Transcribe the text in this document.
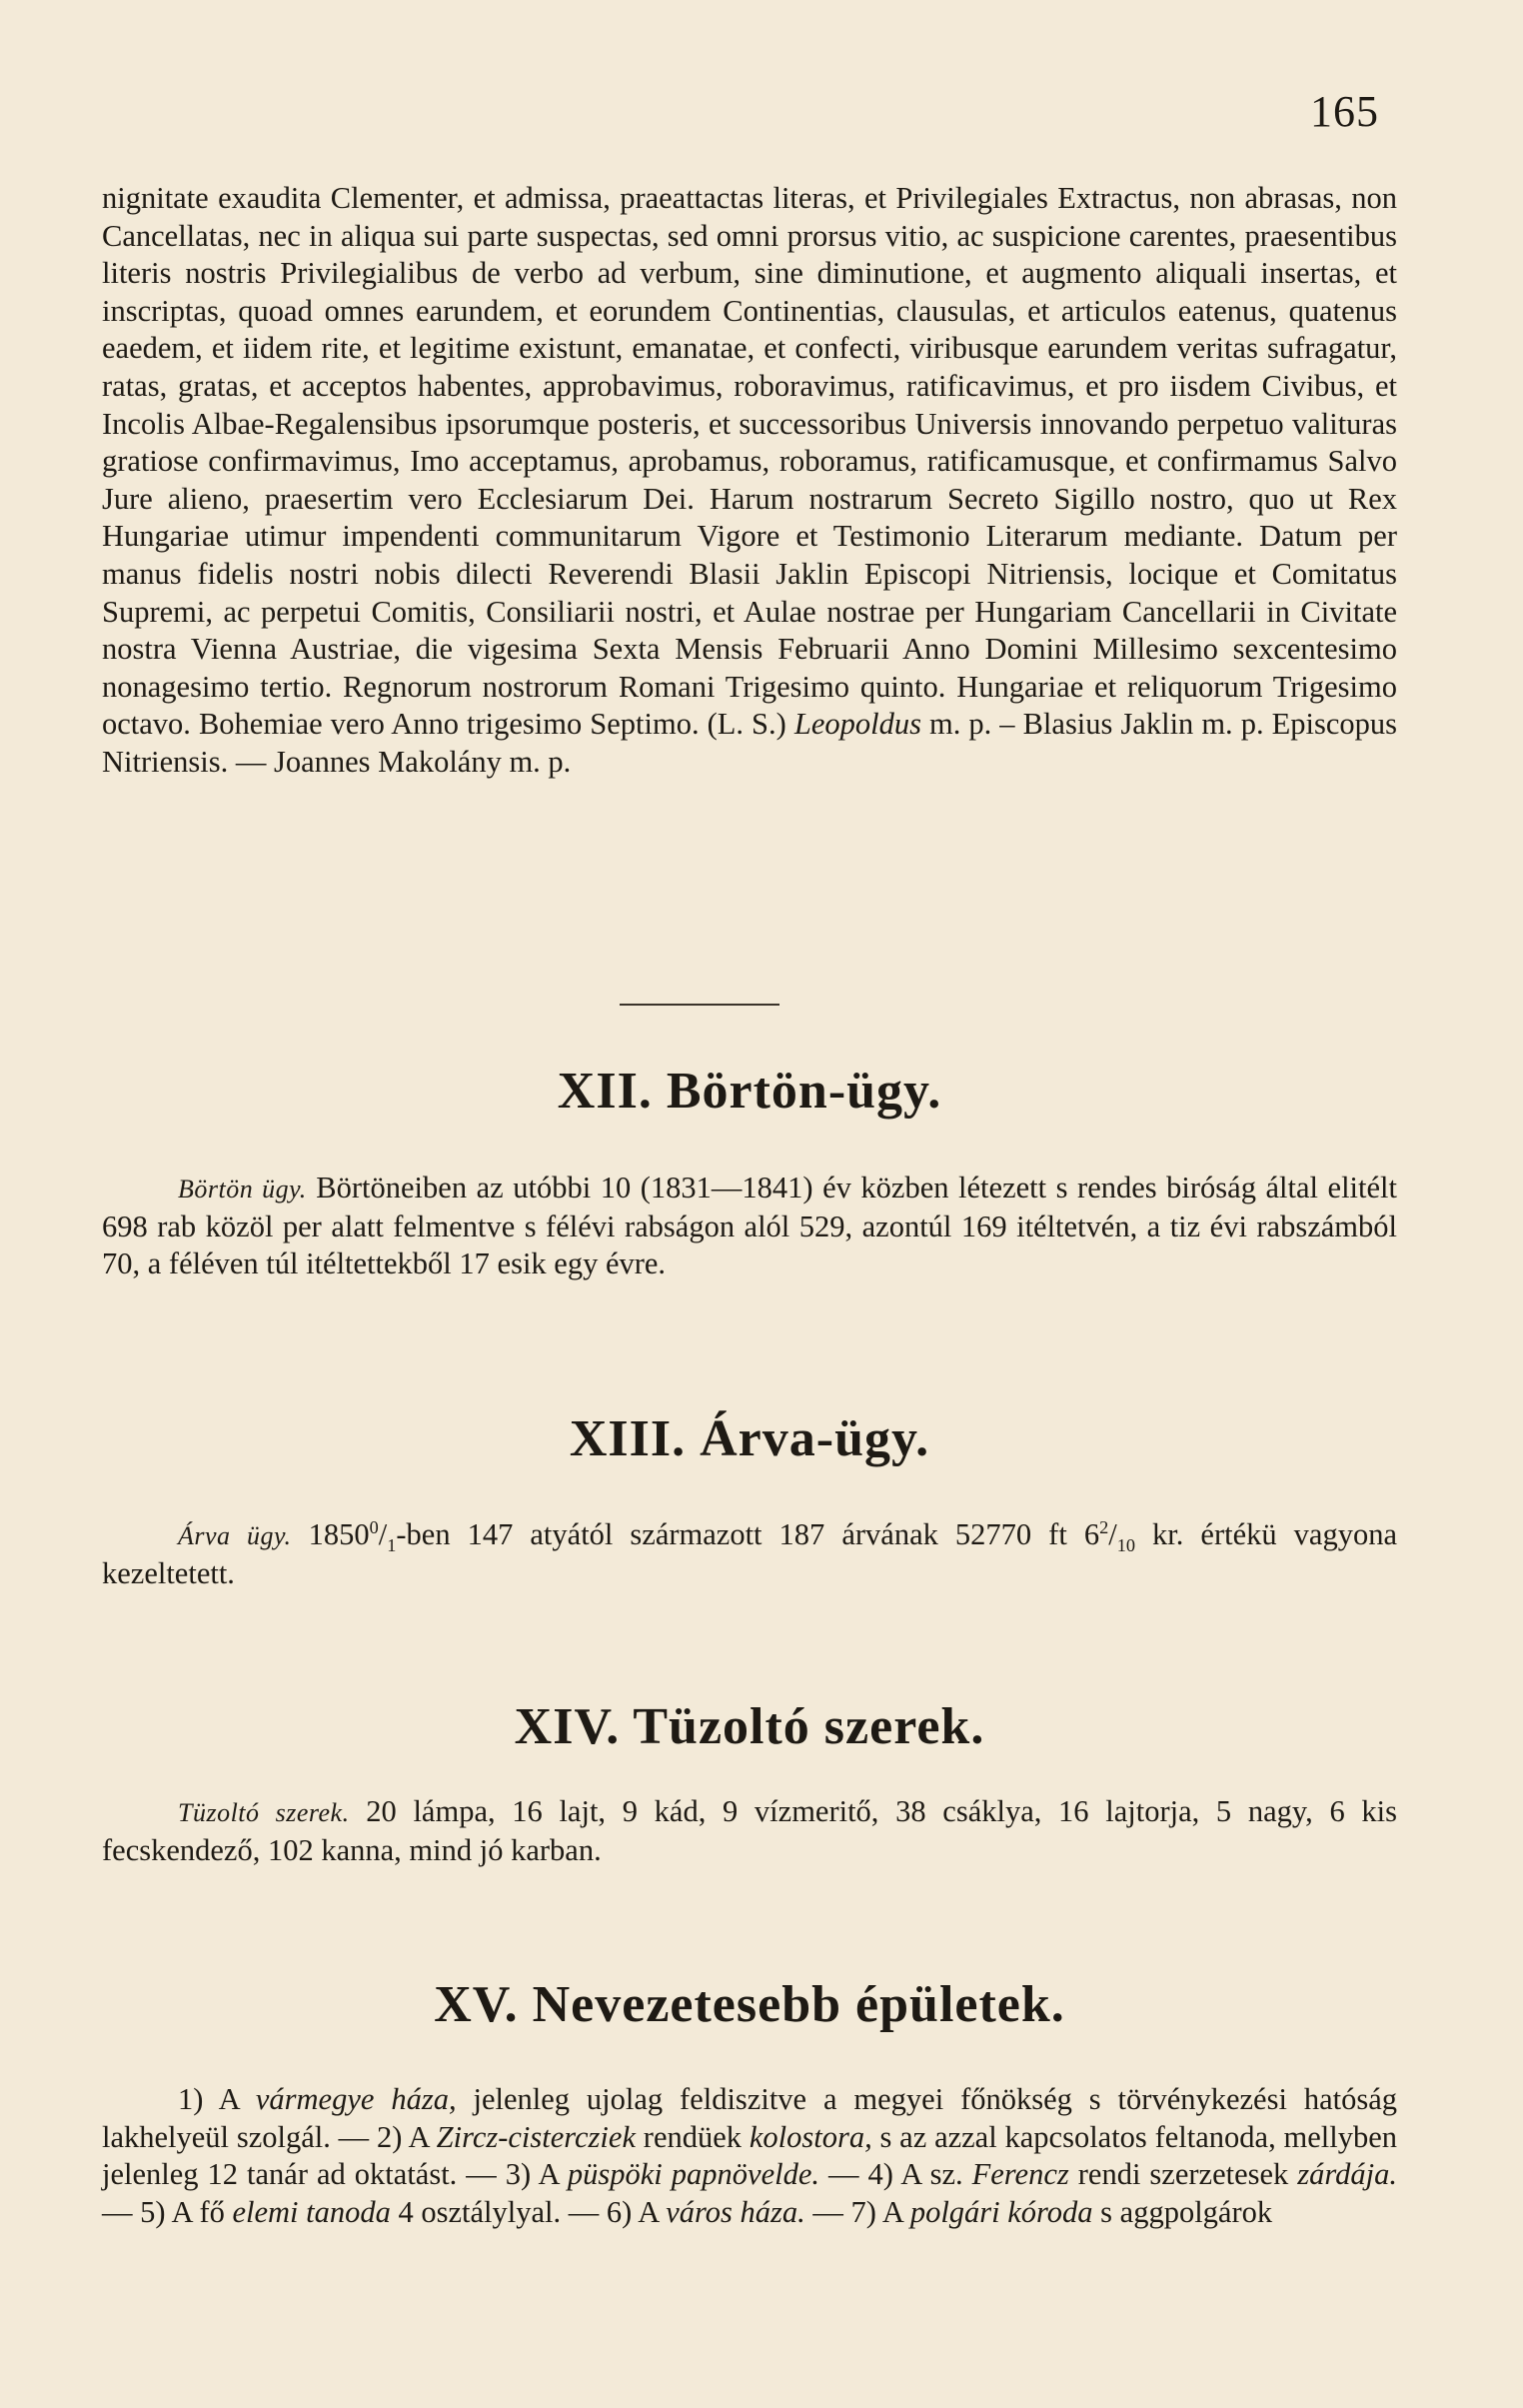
165

nignitate exaudita Clementer, et admissa, praeattactas literas, et Privilegiales Extractus, non abrasas, non Cancellatas, nec in aliqua sui parte suspectas, sed omni prorsus vitio, ac suspicione carentes, praesentibus literis nostris Privilegialibus de verbo ad verbum, sine diminutione, et augmento aliquali insertas, et inscriptas, quoad omnes earundem, et eorundem Continentias, clausulas, et articulos eatenus, quatenus eaedem, et iidem rite, et legitime existunt, emanatae, et confecti, viribusque earundem veritas sufragatur, ratas, gratas, et acceptos habentes, approbavimus, roboravimus, ratificavimus, et pro iisdem Civibus, et Incolis Albae-Regalensibus ipsorumque posteris, et successoribus Universis innovando perpetuo valituras gratiose confirmavimus, Imo acceptamus, aprobamus, roboramus, ratificamusque, et confirmamus Salvo Jure alieno, praesertim vero Ecclesiarum Dei. Harum nostrarum Secreto Sigillo nostro, quo ut Rex Hungariae utimur impendenti communitarum Vigore et Testimonio Literarum mediante. Datum per manus fidelis nostri nobis dilecti Reverendi Blasii Jaklin Episcopi Nitriensis, locique et Comitatus Supremi, ac perpetui Comitis, Consiliarii nostri, et Aulae nostrae per Hungariam Cancellarii in Civitate nostra Vienna Austriae, die vigesima Sexta Mensis Februarii Anno Domini Millesimo sexcentesimo nonagesimo tertio. Regnorum nostrorum Romani Trigesimo quinto. Hungariae et reliquorum Trigesimo octavo. Bohemiae vero Anno trigesimo Septimo. (L. S.) Leopoldus m. p. – Blasius Jaklin m. p. Episcopus Nitriensis. — Joannes Makolány m. p.

XII. Börtön-ügy.

Börtön ügy. Börtöneiben az utóbbi 10 (1831—1841) év közben létezett s rendes biróság által elitélt 698 rab közöl per alatt felmentve s félévi rabságon alól 529, azontúl 169 itéltetvén, a tiz évi rabszámból 70, a féléven túl itéltettekből 17 esik egy évre.

XIII. Árva-ügy.

Árva ügy. $1850^0/_1$-ben 147 atyától származott 187 árvának 52770 ft $6^2/_{10}$ kr. értékü vagyona kezeltetett.

XIV. Tüzoltó szerek.

Tüzoltó szerek. 20 lámpa, 16 lajt, 9 kád, 9 vízmeritő, 38 csáklya, 16 lajtorja, 5 nagy, 6 kis fecskendező, 102 kanna, mind jó karban.

XV. Nevezetesebb épületek.

1) A vármegye háza, jelenleg ujolag feldiszitve a megyei főnökség s törvénykezési hatóság lakhelyeül szolgál. — 2) A Zircz-cistercziek rendüek kolostora, s az azzal kapcsolatos feltanoda, mellyben jelenleg 12 tanár ad oktatást. — 3) A püspöki papnövelde. — 4) A sz. Ferencz rendi szerzetesek zárdája. — 5) A fő elemi tanoda 4 osztálylyal. — 6) A város háza. — 7) A polgári kóroda s aggpolgárok
